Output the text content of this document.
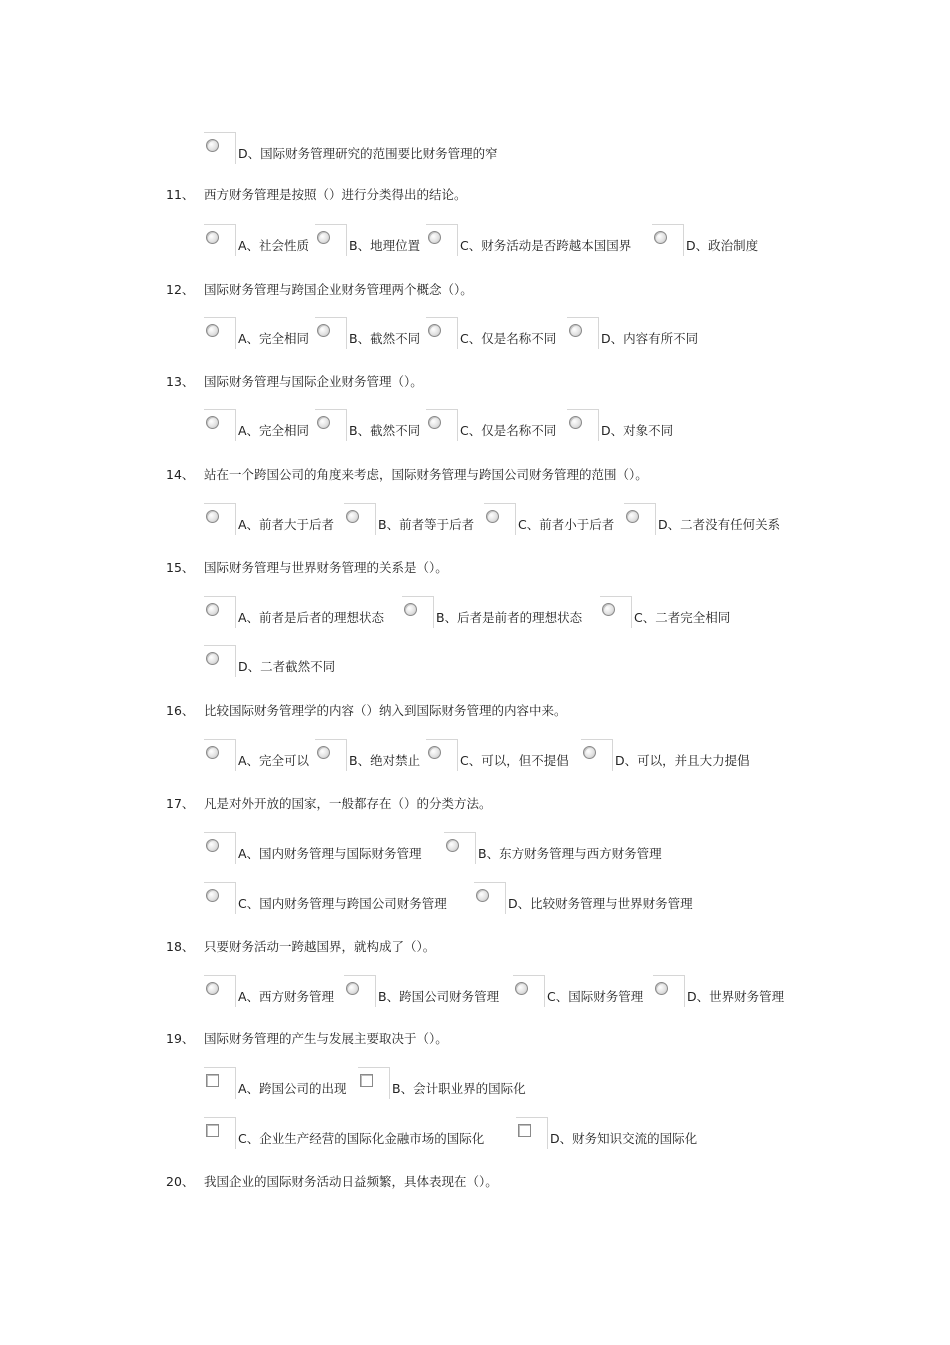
D、国际财务管理研究的范围要比财务管理的窄
11、 西方财务管理是按照（）进行分类得出的结论。
A、社会性质	B、地理位置	C、财务活动是否跨越本国国界	D、政治制度
12、 国际财务管理与跨国企业财务管理两个概念（）。
A、完全相同	B、截然不同	C、仅是名称不同	D、内容有所不同
13、 国际财务管理与国际企业财务管理（）。
A、完全相同	B、截然不同	C、仅是名称不同	D、对象不同
14、 站在一个跨国公司的角度来考虑，国际财务管理与跨国公司财务管理的范围（）。
A、前者大于后者	B、前者等于后者	C、前者小于后者	D、二者没有任何关系
15、 国际财务管理与世界财务管理的关系是（）。
A、前者是后者的理想状态	B、后者是前者的理想状态	C、二者完全相同
D、二者截然不同
16、 比较国际财务管理学的内容（）纳入到国际财务管理的内容中来。
A、完全可以	B、绝对禁止	C、可以，但不提倡	D、可以，并且大力提倡
17、 凡是对外开放的国家，一般都存在（）的分类方法。
A、国内财务管理与国际财务管理	B、东方财务管理与西方财务管理
C、国内财务管理与跨国公司财务管理	D、比较财务管理与世界财务管理
18、 只要财务活动一跨越国界，就构成了（）。
A、西方财务管理	B、跨国公司财务管理	C、国际财务管理	D、世界财务管理
19、 国际财务管理的产生与发展主要取决于（）。
A、跨国公司的出现	B、会计职业界的国际化
C、企业生产经营的国际化金融市场的国际化	D、财务知识交流的国际化
20、 我国企业的国际财务活动日益频繁，具体表现在（）。
